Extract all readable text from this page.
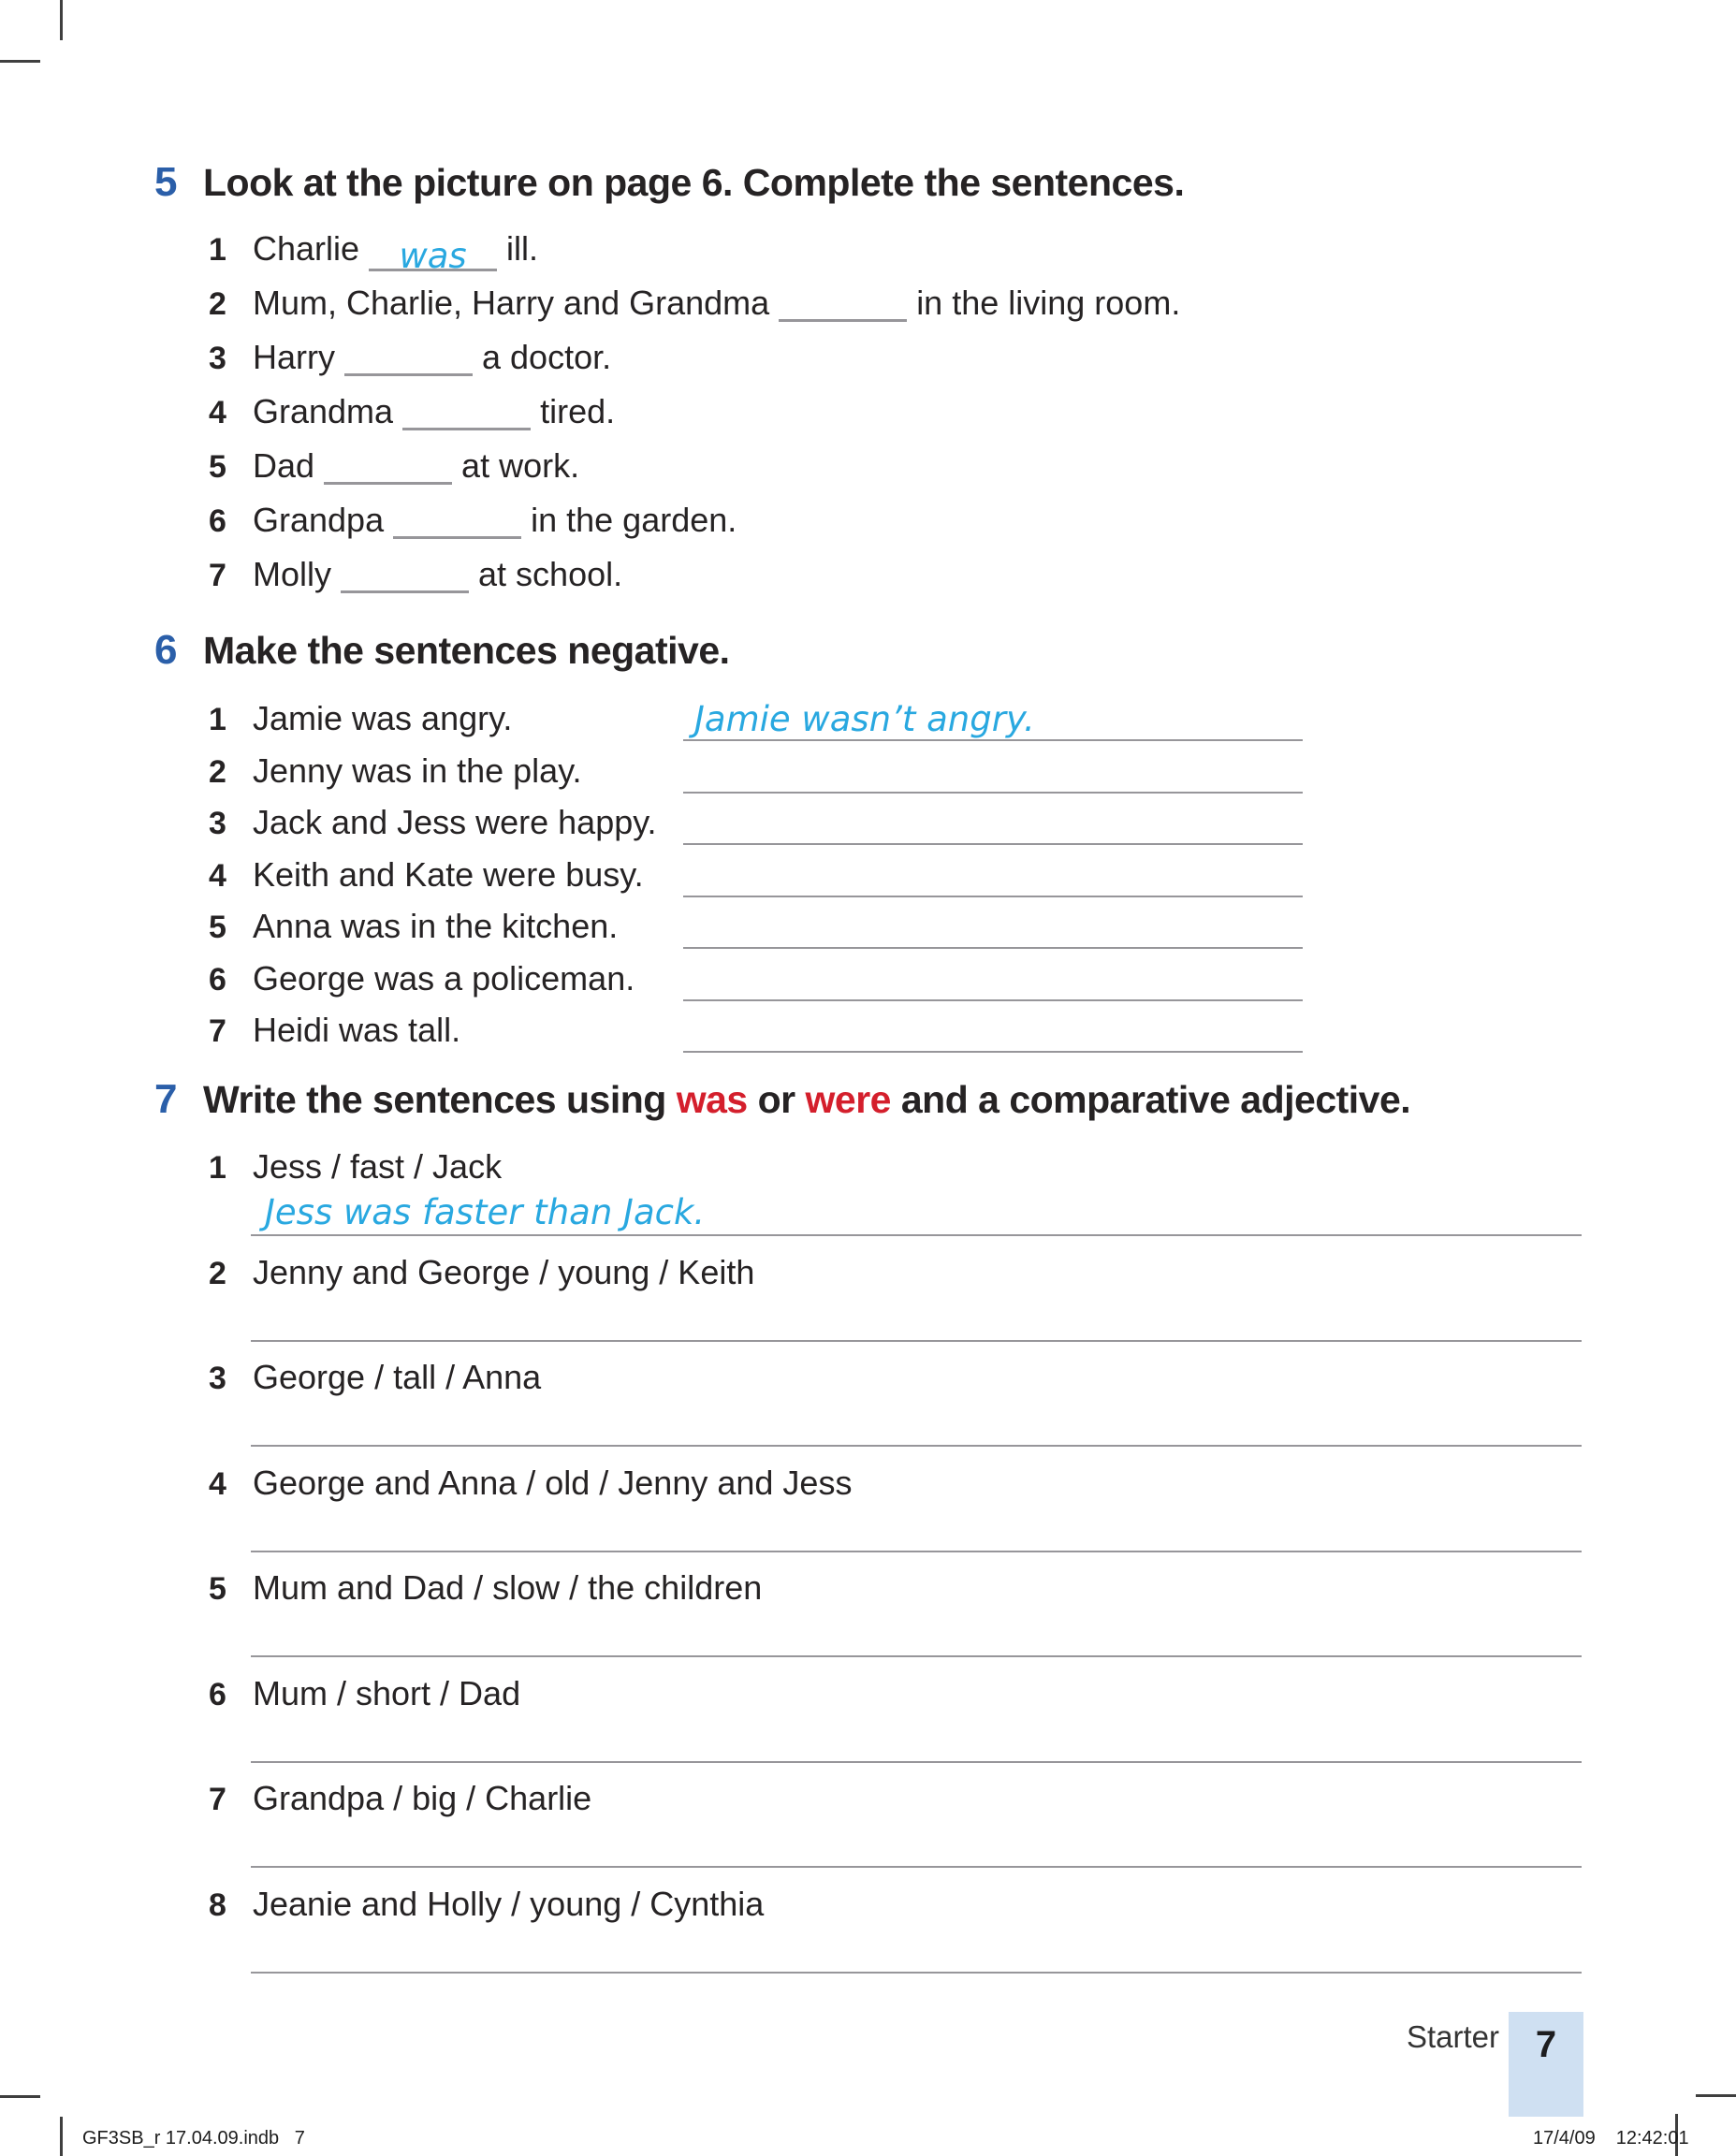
5 Look at the picture on page 6. Complete the sentences.
1 Charlie was ill.
2 Mum, Charlie, Harry and Grandma	in the living room.
3 Harry	a doctor.
4 Grandma	tired.
5 Dad	at work.
6 Grandpa	in the garden.
7 Molly	at school.
6 Make the sentences negative.
1 Jamie was angry.	Jamie wasn’t angry.
2 Jenny was in the play.
3 Jack and Jess were happy.
4 Keith and Kate were busy.
5 Anna was in the kitchen.
6 George was a policeman.
7 Heidi was tall.
7 Write the sentences using was or were and a comparative adjective.
1 Jess / fast / Jack
Jess was faster than Jack.
2 Jenny and George / young / Keith
3 George / tall / Anna
4 George and Anna / old / Jenny and Jess
5 Mum and Dad / slow / the children
6 Mum / short / Dad
7 Grandpa / big / Charlie
8 Jeanie and Holly / young / Cynthia
Starter 7
GF3SB_r 17.04.09.indb   7	17/4/09 12:42:01
